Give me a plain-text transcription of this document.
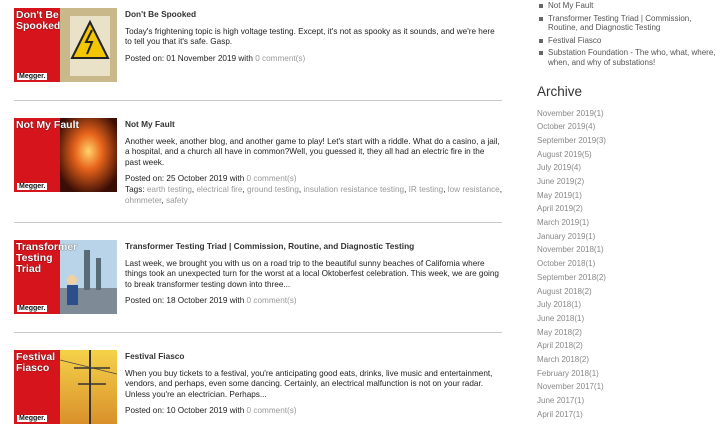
Don't Be Spooked
Megger.
Don't Be Spooked

Today's frightening topic is high voltage testing. Except, it's not as spooky as it sounds, and we're here to tell you that it's safe. Gasp.

Posted on: 01 November 2019 with 0 comment(s)

Not My Fault
Megger.
Not My Fault

Another week, another blog, and another game to play! Let's start with a riddle. What do a casino, a jail, a hospital, and a church all have in common?Well, you guessed it, they all had an electric fire in the past week.

Posted on: 25 October 2019 with 0 comment(s)

Tags: earth testing, electrical fire, ground testing, insulation resistance testing, IR testing, low resistance, ohmmeter, safety

Transformer Testing Triad
Megger.
Transformer Testing Triad | Commission, Routine, and Diagnostic Testing

Last week, we brought you with us on a road trip to the beautiful sunny beaches of California where things took an unexpected turn for the worst at a local Oktoberfest celebration. This week, we are going to break transformer testing down into three...

Posted on: 18 October 2019 with 0 comment(s)

Festival Fiasco
Megger.
Festival Fiasco

When you buy tickets to a festival, you're anticipating good eats, drinks, live music and entertainment, vendors, and perhaps, even some dancing. Certainly, an electrical malfunction is not on your radar. Unless you're an electrician. Perhaps...

Posted on: 10 October 2019 with 0 comment(s)

Not My Fault
Transformer Testing Triad | Commission, Routine, and Diagnostic Testing
Festival Fiasco
Substation Foundation - The who, what, where, when, and why of substations!
Archive
November 2019(1)
October 2019(4)
September 2019(3)
August 2019(5)
July 2019(4)
June 2019(2)
May 2019(1)
April 2019(2)
March 2019(1)
January 2019(1)
November 2018(1)
October 2018(1)
September 2018(2)
August 2018(2)
July 2018(1)
June 2018(1)
May 2018(2)
April 2018(2)
March 2018(2)
February 2018(1)
November 2017(1)
June 2017(1)
April 2017(1)
